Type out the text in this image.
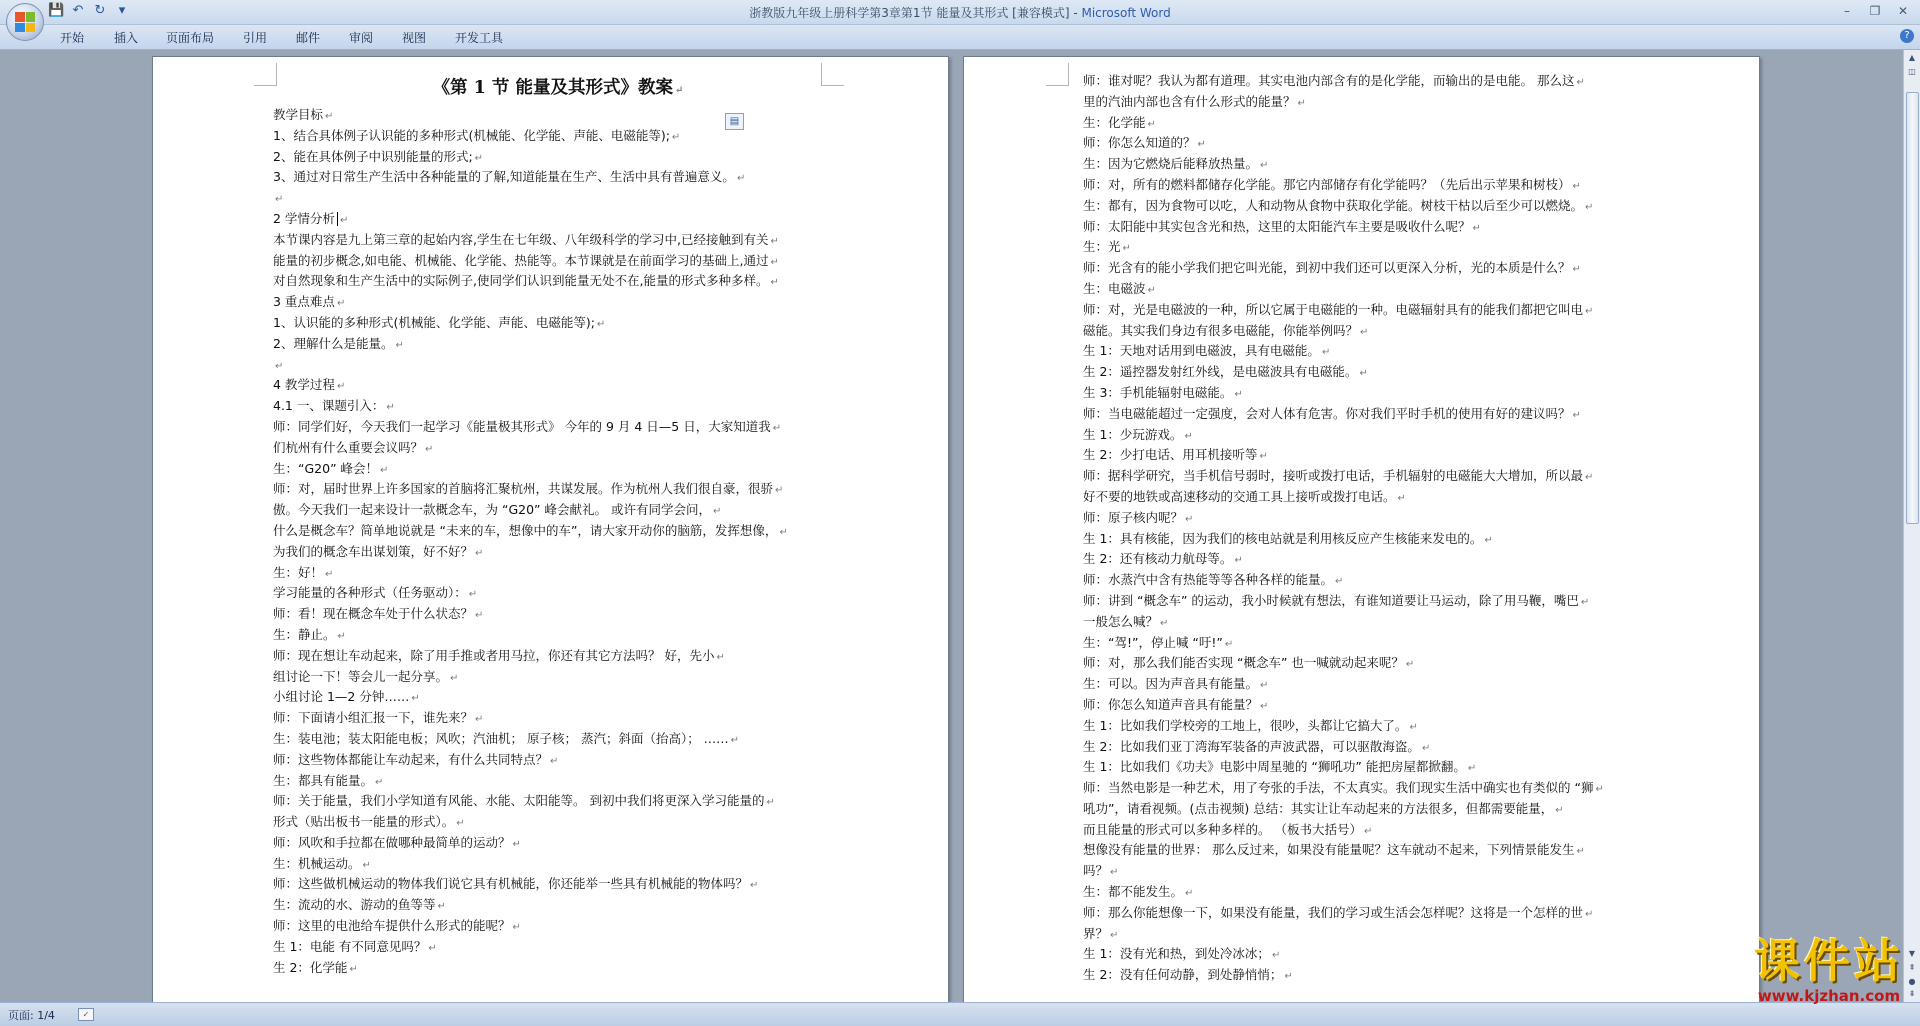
💾 ↶ ↻	▾	浙教版九年级上册科学第3章第1节 能量及其形式 [兼容模式] - Microsoft Word	–	❐	✕
开始 插入 页面布局 引用 邮件 审阅 视图 开发工具	?
▤
《第 1 节 能量及其形式》教案 ↵
教学目标 ↵
1、结合具体例子认识能的多种形式(机械能、化学能、声能、电磁能等); ↵
2、能在具体例子中识别能量的形式; ↵
3、通过对日常生产生活中各种能量的了解,知道能量在生产、生活中具有普遍意义。 ↵
↵
2 学情分析 ↵
本节课内容是九上第三章的起始内容,学生在七年级、八年级科学的学习中,已经接触到有关 ↵
能量的初步概念,如电能、机械能、化学能、热能等。本节课就是在前面学习的基础上,通过 ↵
对自然现象和生产生活中的实际例子,使同学们认识到能量无处不在,能量的形式多种多样。 ↵
3 重点难点 ↵
1、认识能的多种形式(机械能、化学能、声能、电磁能等); ↵
2、理解什么是能量。 ↵
↵
4 教学过程 ↵
4.1 一、课题引入： ↵
师：同学们好，今天我们一起学习《能量极其形式》 今年的 9 月 4 日—5 日，大家知道我 ↵
们杭州有什么重要会议吗？ ↵
生：“G20” 峰会！ ↵
师：对，届时世界上许多国家的首脑将汇聚杭州，共谋发展。作为杭州人我们很自豪，很骄 ↵
傲。今天我们一起来设计一款概念车，为 “G20” 峰会献礼。 或许有同学会问， ↵
什么是概念车？简单地说就是 “未来的车，想像中的车”，请大家开动你的脑筋，发挥想像， ↵
为我们的概念车出谋划策，好不好？ ↵
生：好！ ↵
学习能量的各种形式（任务驱动）： ↵
师：看！现在概念车处于什么状态？ ↵
生：静止。 ↵
师：现在想让车动起来，除了用手推或者用马拉，你还有其它方法吗？ 好，先小 ↵
组讨论一下！等会儿一起分享。 ↵
小组讨论 1—2 分钟…… ↵
师：下面请小组汇报一下，谁先来？ ↵
生：装电池；装太阳能电板；风吹；汽油机； 原子核； 蒸汽；斜面（抬高）； …… ↵
师：这些物体都能让车动起来，有什么共同特点？ ↵
生：都具有能量。 ↵
师：关于能量，我们小学知道有风能、水能、太阳能等。 到初中我们将更深入学习能量的 ↵
形式（贴出板书一能量的形式）。 ↵
师：风吹和手拉都在做哪种最简单的运动？ ↵
生：机械运动。 ↵
师：这些做机械运动的物体我们说它具有机械能，你还能举一些具有机械能的物体吗？ ↵
生：流动的水、游动的鱼等等 ↵
师：这里的电池给车提供什么形式的能呢？ ↵
生 1：电能 有不同意见吗？ ↵
生 2：化学能 ↵
师：谁对呢？我认为都有道理。其实电池内部含有的是化学能，而输出的是电能。 那么这 ↵
里的汽油内部也含有什么形式的能量？ ↵
生：化学能 ↵
师：你怎么知道的？ ↵
生：因为它燃烧后能释放热量。 ↵
师：对，所有的燃料都储存化学能。那它内部储存有化学能吗？（先后出示苹果和树枝） ↵
生：都有，因为食物可以吃，人和动物从食物中获取化学能。树枝干枯以后至少可以燃烧。 ↵
师：太阳能中其实包含光和热，这里的太阳能汽车主要是吸收什么呢？ ↵
生：光 ↵
师：光含有的能小学我们把它叫光能，到初中我们还可以更深入分析，光的本质是什么？ ↵
生：电磁波 ↵
师：对，光是电磁波的一种，所以它属于电磁能的一种。电磁辐射具有的能我们都把它叫电 ↵
磁能。其实我们身边有很多电磁能，你能举例吗？ ↵
生 1：天地对话用到电磁波，具有电磁能。 ↵
生 2：遥控器发射红外线，是电磁波具有电磁能。 ↵
生 3：手机能辐射电磁能。 ↵
师：当电磁能超过一定强度，会对人体有危害。你对我们平时手机的使用有好的建议吗？ ↵
生 1：少玩游戏。 ↵
生 2：少打电话、用耳机接听等 ↵
师：据科学研究，当手机信号弱时，接听或拨打电话，手机辐射的电磁能大大增加，所以最 ↵
好不要的地铁或高速移动的交通工具上接听或拨打电话。 ↵
师：原子核内呢？ ↵
生 1：具有核能，因为我们的核电站就是利用核反应产生核能来发电的。 ↵
生 2：还有核动力航母等。 ↵
师：水蒸汽中含有热能等等各种各样的能量。 ↵
师：讲到 “概念车” 的运动，我小时候就有想法，有谁知道要让马运动，除了用马鞭，嘴巴 ↵
一般怎么喊？ ↵
生：“驾!”，停止喊 “吁!” ↵
师：对，那么我们能否实现 “概念车” 也一喊就动起来呢？ ↵
生：可以。因为声音具有能量。 ↵
师：你怎么知道声音具有能量？ ↵
生 1：比如我们学校旁的工地上，很吵，头都让它搞大了。 ↵
生 2：比如我们亚丁湾海军装备的声波武器，可以驱散海盗。 ↵
生 1：比如我们《功夫》电影中周星驰的 “狮吼功” 能把房屋都掀翻。 ↵
师：当然电影是一种艺术，用了夸张的手法，不太真实。我们现实生活中确实也有类似的 “狮 ↵
吼功”，请看视频。(点击视频) 总结：其实让让车动起来的方法很多，但都需要能量， ↵
而且能量的形式可以多种多样的。 （板书大括号） ↵
想像没有能量的世界： 那么反过来，如果没有能量呢？这车就动不起来，下列情景能发生 ↵
吗？ ↵
生：都不能发生。 ↵
师：那么你能想像一下，如果没有能量，我们的学习或生活会怎样呢？这将是一个怎样的世 ↵
界？ ↵
生 1：没有光和热，到处冷冰冰； ↵
生 2：没有任何动静，到处静悄悄； ↵
▲
◫
▼
⇞
●
⇟
页面: 1/4	✓
课件站
www.kjzhan.com
